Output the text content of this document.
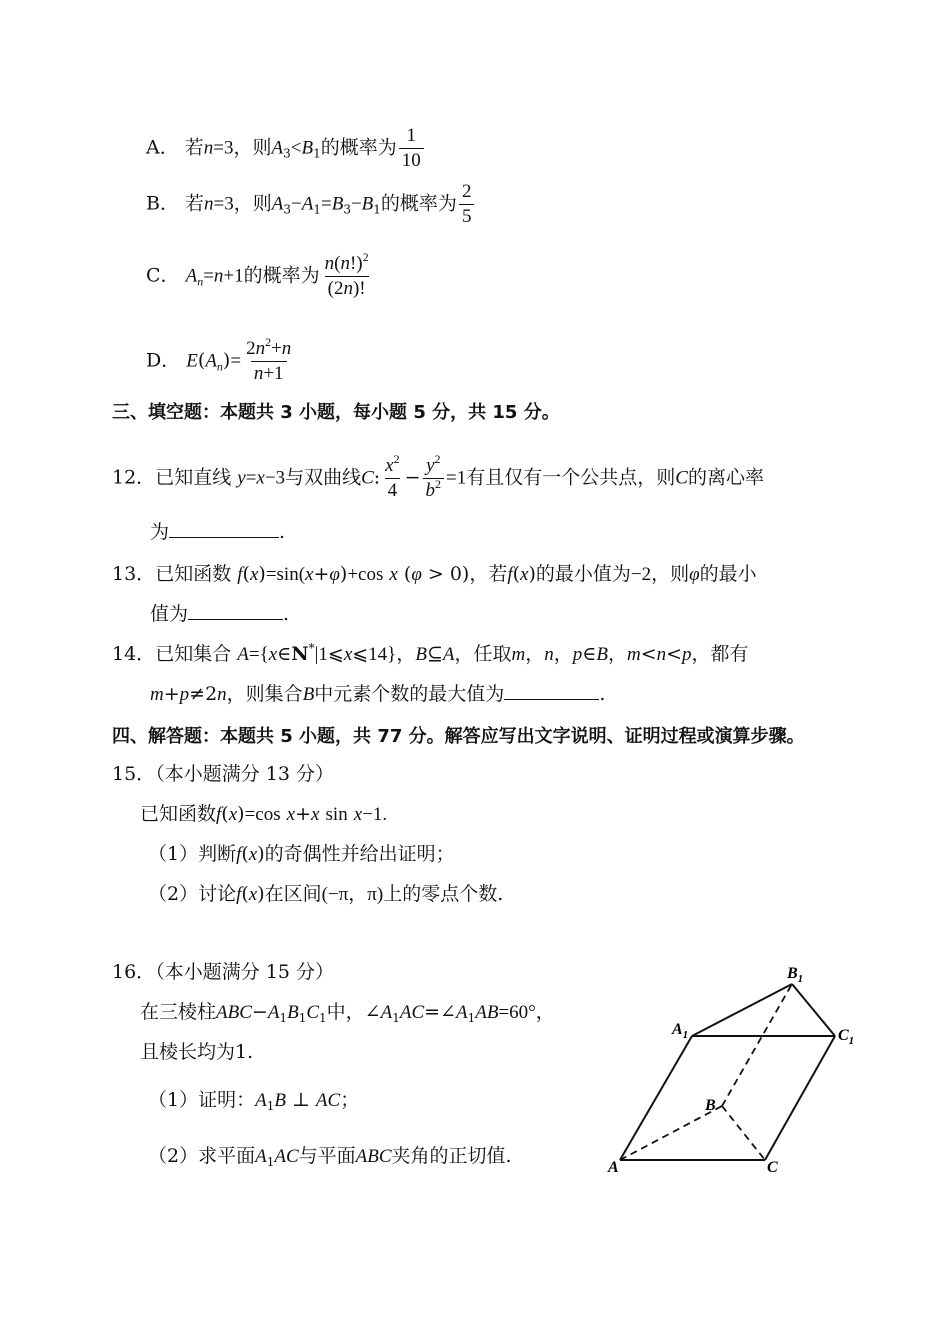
A． 若n=3，则$A_3<B_1$的概率为 $\frac{1}{10}$
B． 若n=3，则$A_3-A_1=B_3-B_1$的概率为 $\frac{2}{5}$
C． $A_n=n+1$的概率为 $\frac{n(n!)^2}{(2n)!}$
D． $E(A_n)= \frac{2n^2+n}{n+1}$
三、填空题：本题共 3 小题，每小题 5 分，共 15 分。
12．已知直线 y=x−3与双曲线C: $\frac{x^2}{4} - \frac{y^2}{b^2} =1$有且仅有一个公共点，则C的离心率
为	.
13．已知函数 f(x)=sin(x+φ)+cos x (φ > 0)，若f(x)的最小值为−2，则φ的最小
值为	.
14．已知集合 A={x∈N*|1⩽x⩽14}，B⊆A，任取m，n，p∈B，m<n<p，都有
m+p≠2n，则集合B中元素个数的最大值为	.
四、解答题：本题共 5 小题，共 77 分。解答应写出文字说明、证明过程或演算步骤。
15．（本小题满分 13 分）
已知函数f(x)=cos x+x sin x−1.
（1）判断f(x)的奇偶性并给出证明；
（2）讨论f(x)在区间(−π，π)上的零点个数.
16．（本小题满分 15 分）
在三棱柱$ABC-A_1B_1C_1$中，$\angle A_1AC=\angle A_1AB=60^\circ$，
且棱长均为1.
（1）证明：$A_1B$ ⊥ AC；
（2）求平面$A_1AC$与平面ABC夹角的正切值.
A	C
B
$A_1$
$B_1$
$C_1$
